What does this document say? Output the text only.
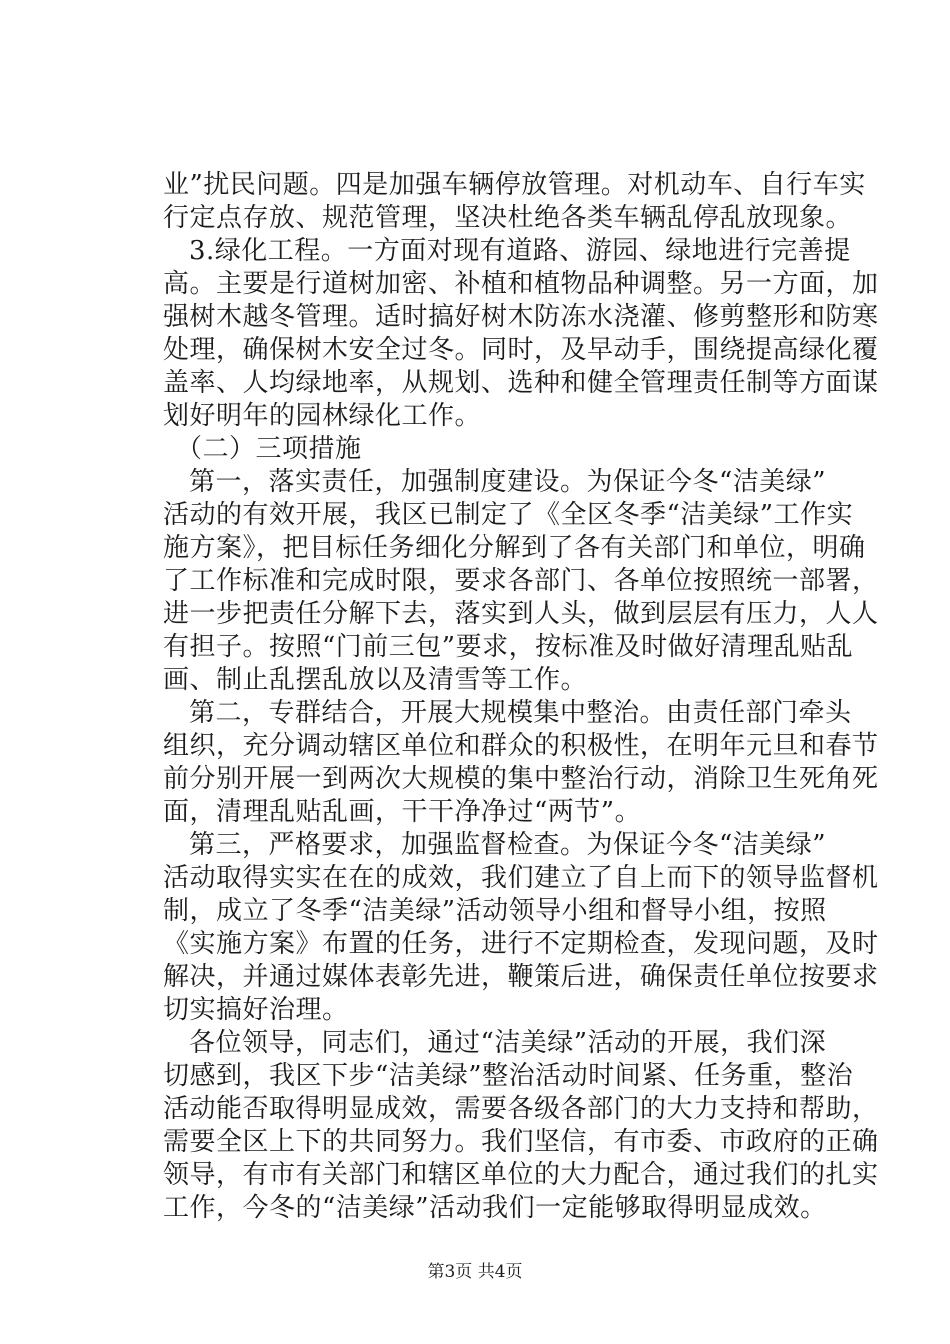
业”扰民问题。四是加强车辆停放管理。对机动车、自行车实
行定点存放、规范管理，坚决杜绝各类车辆乱停乱放现象。
3.绿化工程。一方面对现有道路、游园、绿地进行完善提
高。主要是行道树加密、补植和植物品种调整。另一方面，加
强树木越冬管理。适时搞好树木防冻水浇灌、修剪整形和防寒
处理，确保树木安全过冬。同时，及早动手，围绕提高绿化覆
盖率、人均绿地率，从规划、选种和健全管理责任制等方面谋
划好明年的园林绿化工作。
（二）三项措施
第一，落实责任，加强制度建设。为保证今冬“洁美绿”
活动的有效开展，我区已制定了《全区冬季“洁美绿”工作实
施方案》，把目标任务细化分解到了各有关部门和单位，明确
了工作标准和完成时限，要求各部门、各单位按照统一部署，
进一步把责任分解下去，落实到人头，做到层层有压力，人人
有担子。按照“门前三包”要求，按标准及时做好清理乱贴乱
画、制止乱摆乱放以及清雪等工作。
第二，专群结合，开展大规模集中整治。由责任部门牵头
组织，充分调动辖区单位和群众的积极性，在明年元旦和春节
前分别开展一到两次大规模的集中整治行动，消除卫生死角死
面，清理乱贴乱画，干干净净过“两节”。
第三，严格要求，加强监督检查。为保证今冬“洁美绿”
活动取得实实在在的成效，我们建立了自上而下的领导监督机
制，成立了冬季“洁美绿”活动领导小组和督导小组，按照
《实施方案》布置的任务，进行不定期检查，发现问题，及时
解决，并通过媒体表彰先进，鞭策后进，确保责任单位按要求
切实搞好治理。
各位领导，同志们，通过“洁美绿”活动的开展，我们深
切感到，我区下步“洁美绿”整治活动时间紧、任务重，整治
活动能否取得明显成效，需要各级各部门的大力支持和帮助，
需要全区上下的共同努力。我们坚信，有市委、市政府的正确
领导，有市有关部门和辖区单位的大力配合，通过我们的扎实
工作，今冬的“洁美绿”活动我们一定能够取得明显成效。
第3页 共4页
